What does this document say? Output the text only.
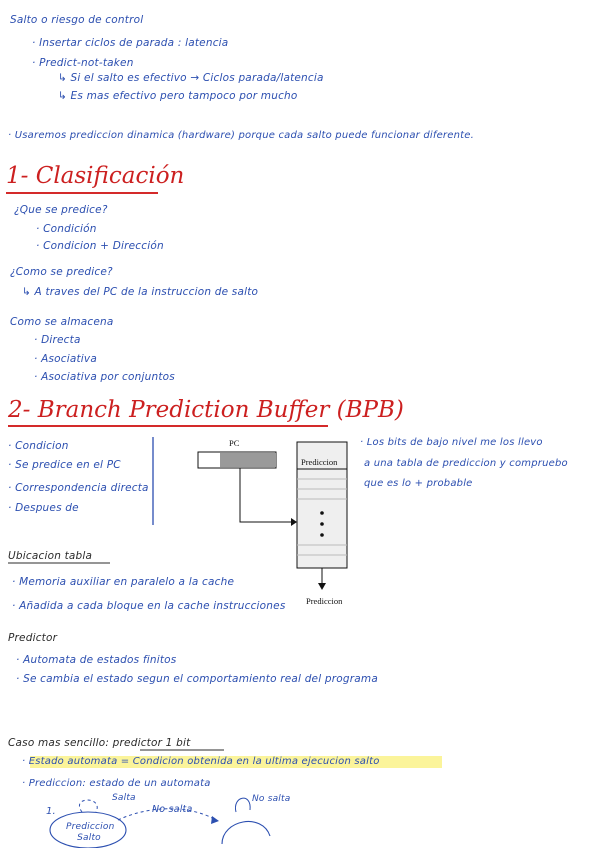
Salto o riesgo de control
· Insertar ciclos de parada : latencia
· Predict-not-taken
↳ Si el salto es efectivo → Ciclos parada/latencia
↳ Es mas efectivo pero tampoco por mucho
· Usaremos prediccion dinamica (hardware) porque cada salto puede funcionar diferente.
1- Clasificación
¿Que se predice?
· Condición
· Condicion + Dirección
¿Como se predice?
↳ A traves del PC de la instruccion de salto
Como se almacena
· Directa
· Asociativa
· Asociativa por conjuntos
2- Branch Prediction Buffer (BPB)
· Condicion
· Se predice en el PC
· Correspondencia directa
· Despues de
· Los bits de bajo nivel me los llevo
a una tabla de prediccion y compruebo
que es lo + probable
PC
Prediccion
Prediccion
Ubicacion tabla
· Memoria auxiliar en paralelo a la cache
· Añadida a cada bloque en la cache instrucciones
Predictor
· Automata de estados finitos
· Se cambia el estado segun el comportamiento real del programa
Caso mas sencillo: predictor 1 bit
· Estado automata = Condicion obtenida en la ultima ejecucion salto
· Prediccion: estado de un automata
Salta
No salta
No salta
1.
Prediccion Salto
